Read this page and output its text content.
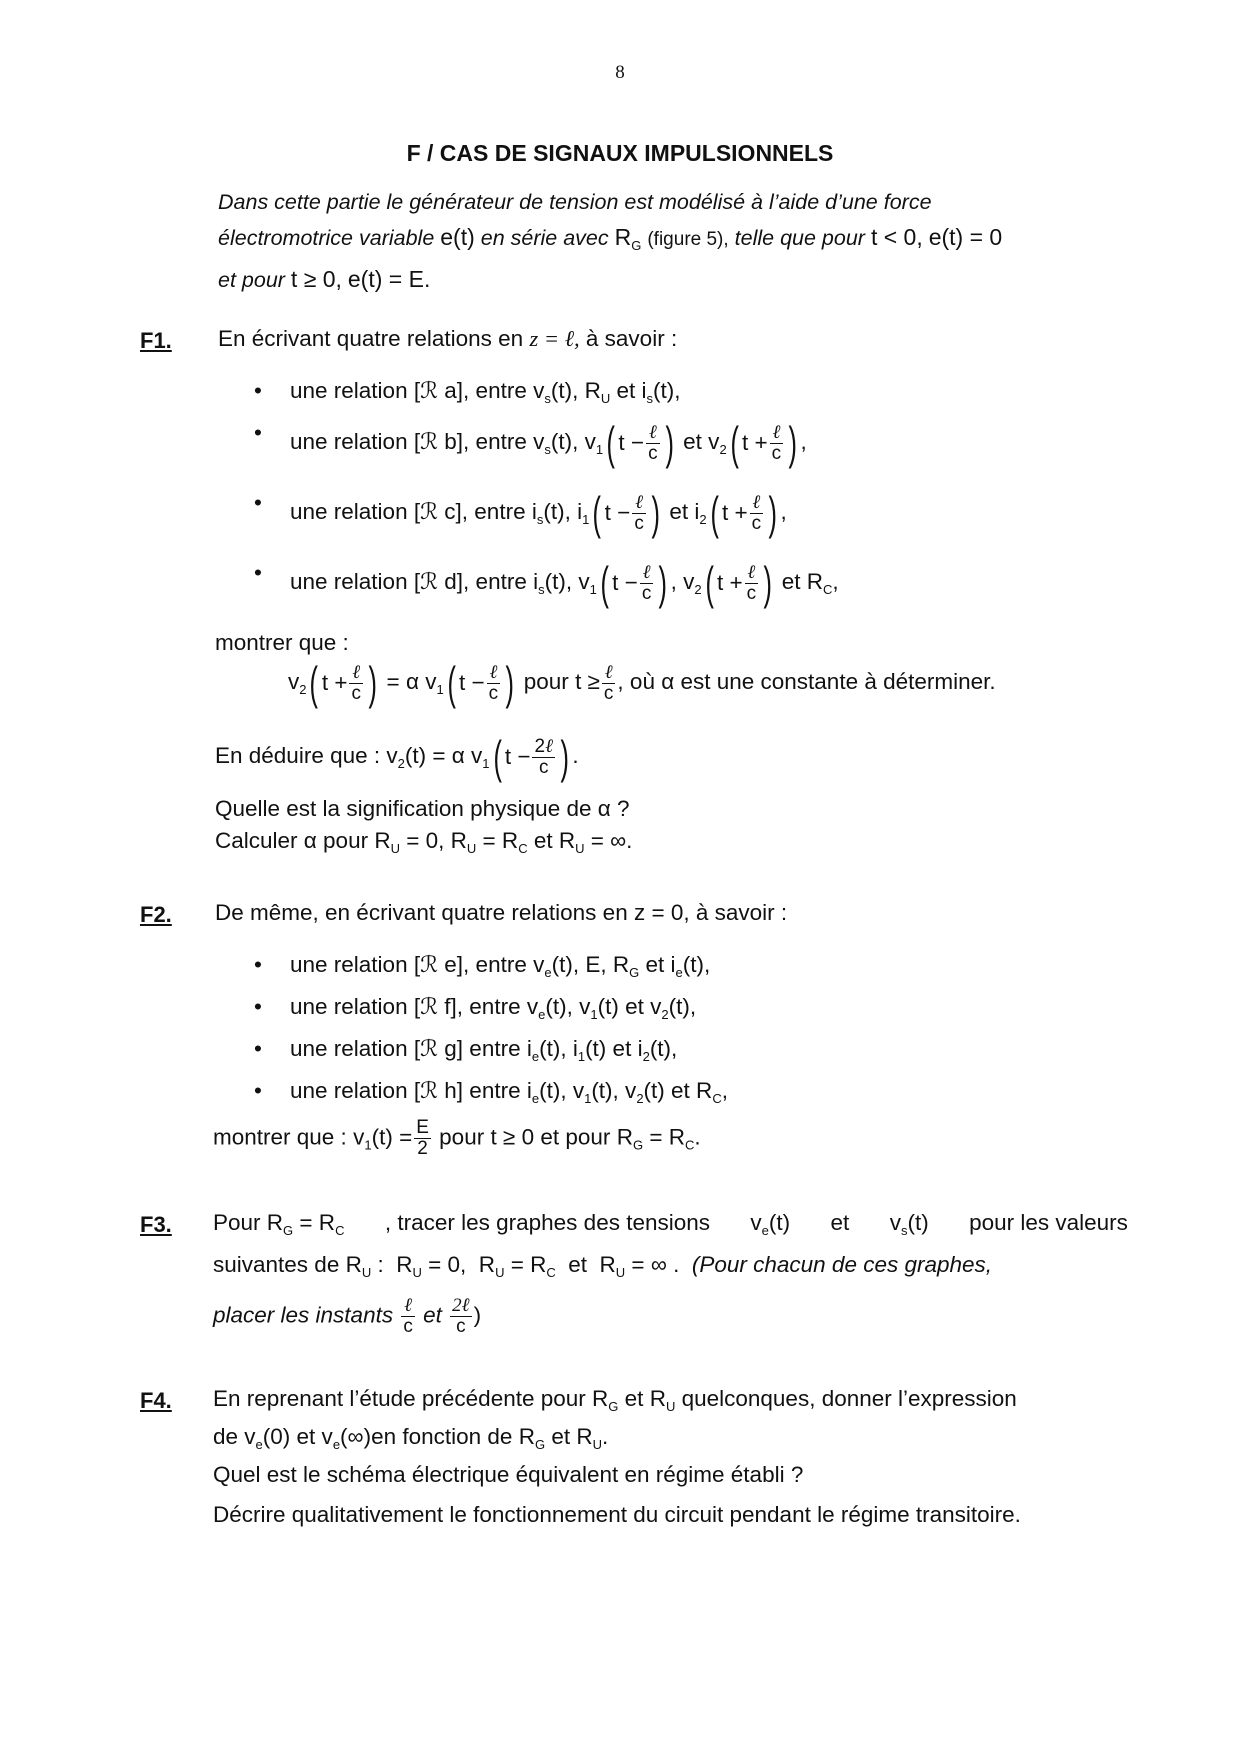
8
F / CAS DE SIGNAUX IMPULSIONNELS
Dans cette partie le générateur de tension est modélisé à l’aide d’une force
électromotrice variable e(t) en série avec $R_G$ (figure 5), telle que pour t < 0, e(t) = 0
et pour t ≥ 0, e(t) = E.
F1. En écrivant quatre relations en z = ℓ, à savoir :
• une relation [ℛ a], entre $v_s(t)$, $R_U$ et $i_s(t)$,
• une relation [ℛ b], entre $v_s(t)$, $v_1$ ( $t - \frac{\text{ℓ}}{c}$ ) et $v_2$ ( $t + \frac{\text{ℓ}}{c}$ ) ,
• une relation [ℛ c], entre $i_s(t)$, $i_1$ ( $t - \frac{\text{ℓ}}{c}$ ) et $i_2$ ( $t + \frac{\text{ℓ}}{c}$ ) ,
• une relation [ℛ d], entre $i_s(t)$, $v_1$ ( $t - \frac{\text{ℓ}}{c}$ ) , $v_2$ ( $t + \frac{\text{ℓ}}{c}$ ) et $R_C$,
montrer que :
$v_2$ ( $t + \frac{\text{ℓ}}{c}$ ) = α $v_1$ ( $t - \frac{\text{ℓ}}{c}$ ) pour $t \ge \frac{\text{ℓ}}{c}$ , où α est une constante à déterminer.
En déduire que : $v_2(t) = \alpha$ $v_1$ ( $t - \frac{\text{2ℓ}}{c}$ ) .
Quelle est la signification physique de α ?
Calculer α pour $R_U = 0$, $R_U = R_C$ et $R_U$ = ∞.
F2. De même, en écrivant quatre relations en z = 0, à savoir :
• une relation [ℛ e], entre $v_e(t)$, E, $R_G$ et $i_e(t)$,
• une relation [ℛ f], entre $v_e(t)$, $v_1(t)$ et $v_2(t)$,
• une relation [ℛ g] entre $i_e(t)$, $i_1(t)$ et $i_2(t)$,
• une relation [ℛ h] entre $i_e(t)$, $v_1(t)$, $v_2(t)$ et $R_C$,
montrer que : $v_1(t) = \frac{E}{2}$ pour t ≥ 0 et pour $R_G = R_C$.
F3. Pour $R_G = R_C$ , tracer les graphes des tensions $v_e(t)$ et $v_s(t)$ pour les valeurs
suivantes de $R_U$ :  $R_U = 0$,  $R_U = R_C$  et  $R_U$ = ∞ .  (Pour chacun de ces graphes,
placer les instants $\frac{\text{ℓ}}{c}$ et $\frac{\text{2ℓ}}{c}$ )
F4. En reprenant l’étude précédente pour $R_G$ et $R_U$ quelconques, donner l’expression
de $v_e(0)$ et $v_e(\infty)en$ fonction de $R_G$ et $R_U$.
Quel est le schéma électrique équivalent en régime établi ?
Décrire qualitativement le fonctionnement du circuit pendant le régime transitoire.
